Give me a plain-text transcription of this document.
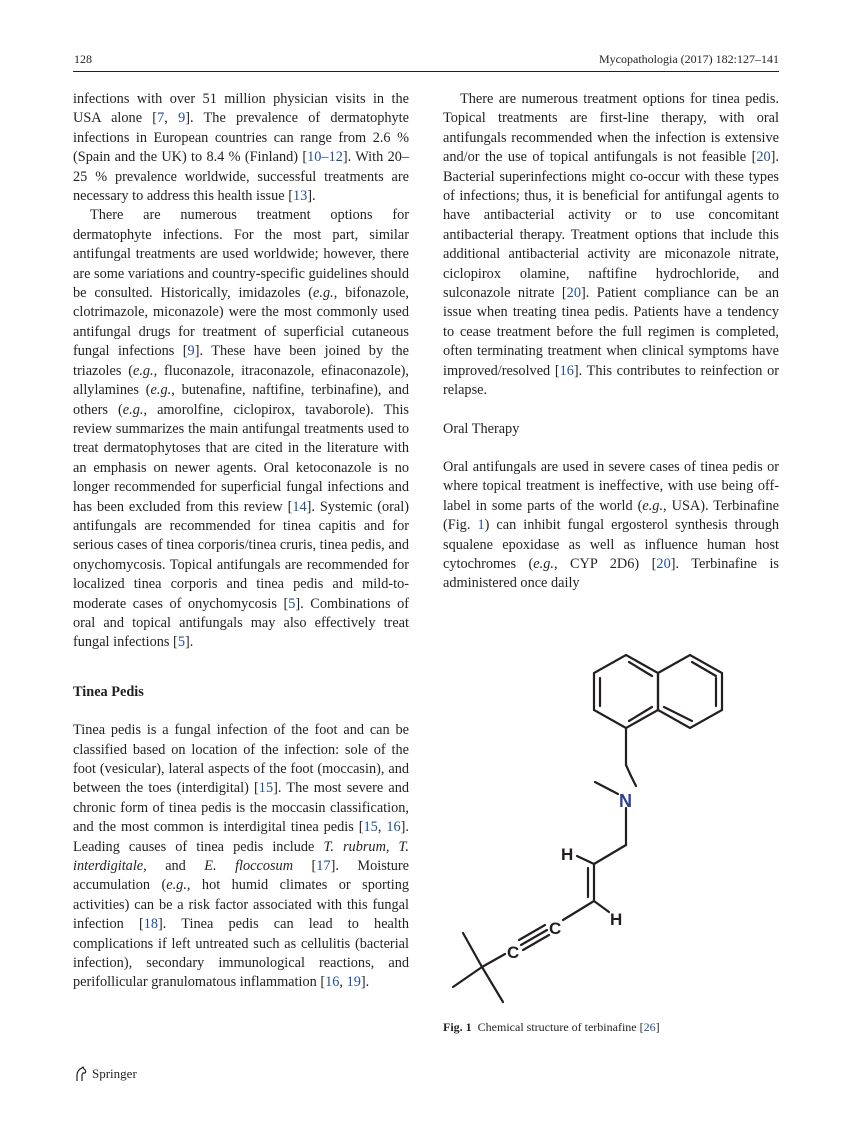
128	Mycopathologia (2017) 182:127–141

infections with over 51 million physician visits in the USA alone [7, 9]. The prevalence of dermatophyte infections in European countries can range from 2.6 % (Spain and the UK) to 8.4 % (Finland) [10–12]. With 20–25 % prevalence worldwide, successful treatments are necessary to address this health issue [13].

There are numerous treatment options for dermatophyte infections. For the most part, similar antifungal treatments are used worldwide; however, there are some variations and country-specific guidelines should be consulted. Historically, imidazoles (e.g., bifonazole, clotrimazole, miconazole) were the most commonly used antifungal drugs for treatment of superficial cutaneous fungal infections [9]. These have been joined by the triazoles (e.g., fluconazole, itraconazole, efinaconazole), allylamines (e.g., butenafine, naftifine, terbinafine), and others (e.g., amorolfine, ciclopirox, tavaborole). This review summarizes the main antifungal treatments used to treat dermatophytoses that are cited in the literature with an emphasis on newer agents. Oral ketoconazole is no longer recommended for superficial fungal infections and has been excluded from this review [14]. Systemic (oral) antifungals are recommended for tinea capitis and for serious cases of tinea corporis/tinea cruris, tinea pedis, and onychomycosis. Topical antifungals are recommended for localized tinea corporis and tinea pedis and mild-to-moderate cases of onychomycosis [5]. Combinations of oral and topical antifungals may also effectively treat fungal infections [5].

Tinea Pedis

Tinea pedis is a fungal infection of the foot and can be classified based on location of the infection: sole of the foot (vesicular), lateral aspects of the foot (moccasin), and between the toes (interdigital) [15]. The most severe and chronic form of tinea pedis is the moccasin classification, and the most common is interdigital tinea pedis [15, 16]. Leading causes of tinea pedis include T. rubrum, T. interdigitale, and E. floccosum [17]. Moisture accumulation (e.g., hot humid climates or sporting activities) can be a risk factor associated with this fungal infection [18]. Tinea pedis can lead to health complications if left untreated such as cellulitis (bacterial infection), secondary immunological reactions, and perifollicular granulomatous inflammation [16, 19].

There are numerous treatment options for tinea pedis. Topical treatments are first-line therapy, with oral antifungals recommended when the infection is extensive and/or the use of topical antifungals is not feasible [20]. Bacterial superinfections might co-occur with these types of infections; thus, it is beneficial for antifungal agents to have antibacterial activity or to use concomitant antibacterial therapy. Treatment options that include this additional antibacterial activity are miconazole nitrate, ciclopirox olamine, naftifine hydrochloride, and sulconazole nitrate [20]. Patient compliance can be an issue when treating tinea pedis. Patients have a tendency to cease treatment before the full regimen is completed, often terminating treatment when clinical symptoms have improved/resolved [16]. This contributes to reinfection or relapse.

Oral Therapy

Oral antifungals are used in severe cases of tinea pedis or where topical treatment is ineffective, with use being off-label in some parts of the world (e.g., USA). Terbinafine (Fig. 1) can inhibit fungal ergosterol synthesis through squalene epoxidase as well as influence human host cytochromes (e.g., CYP 2D6) [20]. Terbinafine is administered once daily

N
H
H
C
C
Fig. 1 Chemical structure of terbinafine [26]
Springer
